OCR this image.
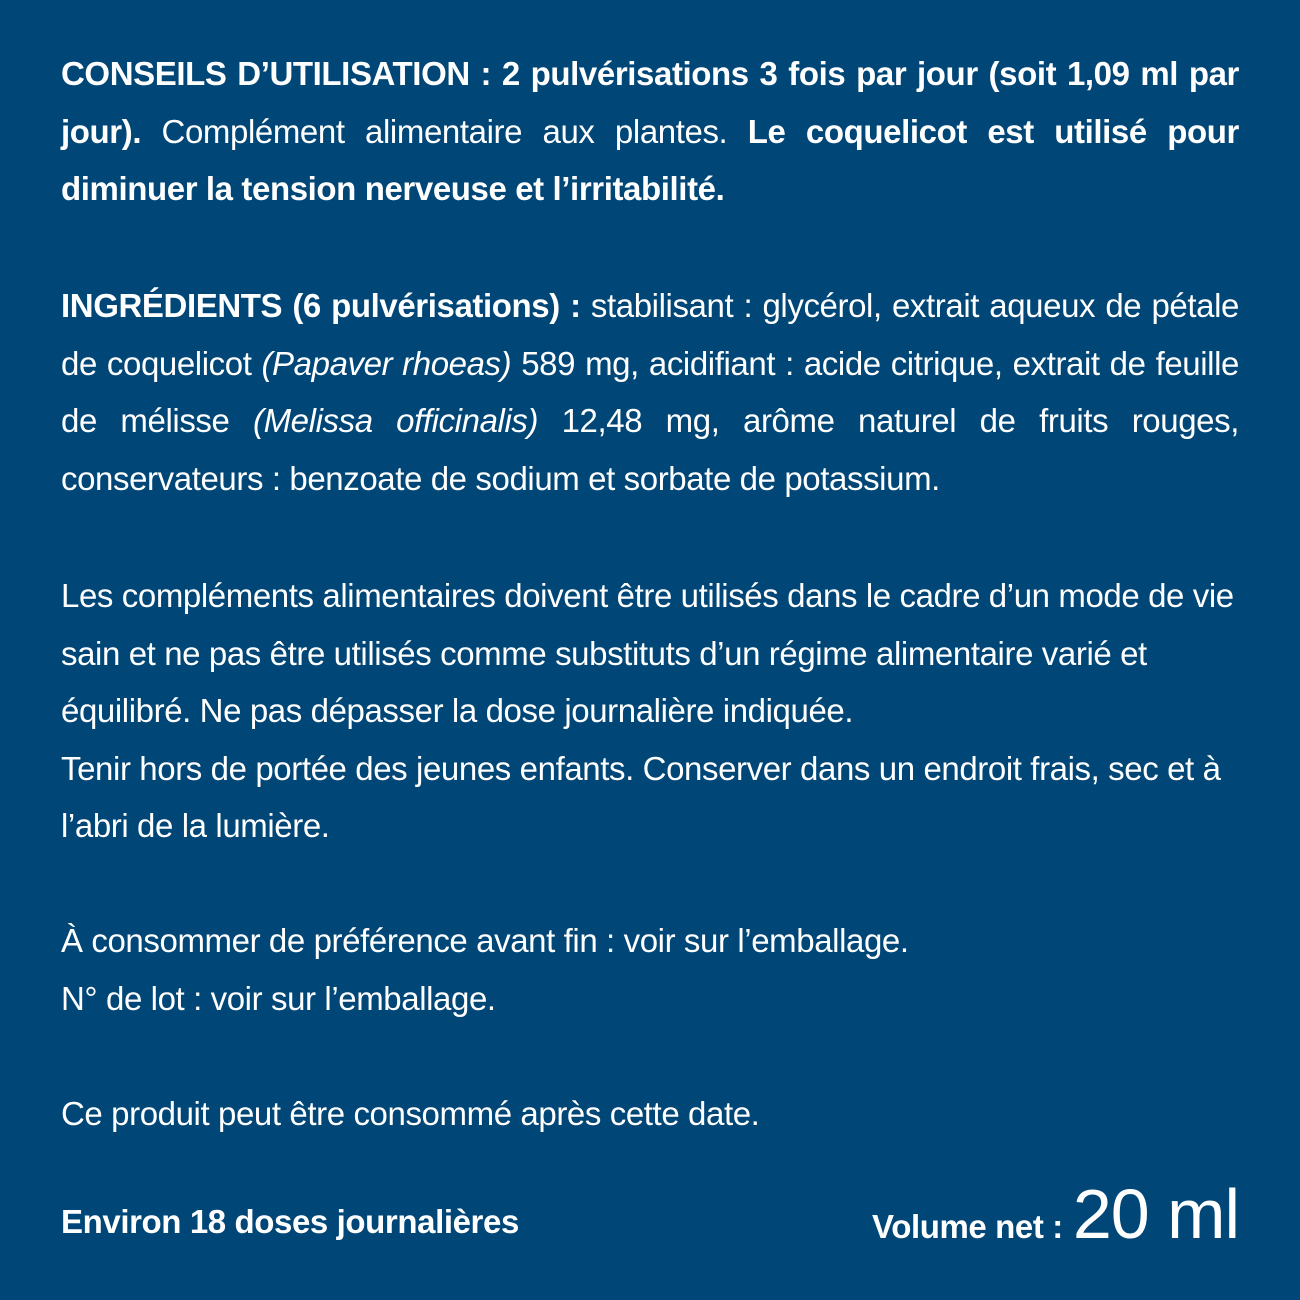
CONSEILS D’UTILISATION : 2 pulvérisations 3 fois par jour (soit 1,09 ml par jour). Complément alimentaire aux plantes. Le coquelicot est utilisé pour diminuer la tension nerveuse et l’irritabilité.

INGRÉDIENTS (6 pulvérisations) : stabilisant : glycérol, extrait aqueux de pétale de coquelicot (Papaver rhoeas) 589 mg, acidifiant : acide citrique, extrait de feuille de mélisse (Melissa officinalis) 12,48 mg, arôme naturel de fruits rouges, conservateurs : benzoate de sodium et sorbate de potassium.

Les compléments alimentaires doivent être utilisés dans le cadre d’un mode de vie sain et ne pas être utilisés comme substituts d’un régime alimentaire varié et équilibré. Ne pas dépasser la dose journalière indiquée.
Tenir hors de portée des jeunes enfants. Conserver dans un endroit frais, sec et à l’abri de la lumière.

À consommer de préférence avant fin : voir sur l’emballage.

N° de lot : voir sur l’emballage.

Ce produit peut être consommé après cette date.

Environ 18 doses journalières	Volume net : 20 ml
